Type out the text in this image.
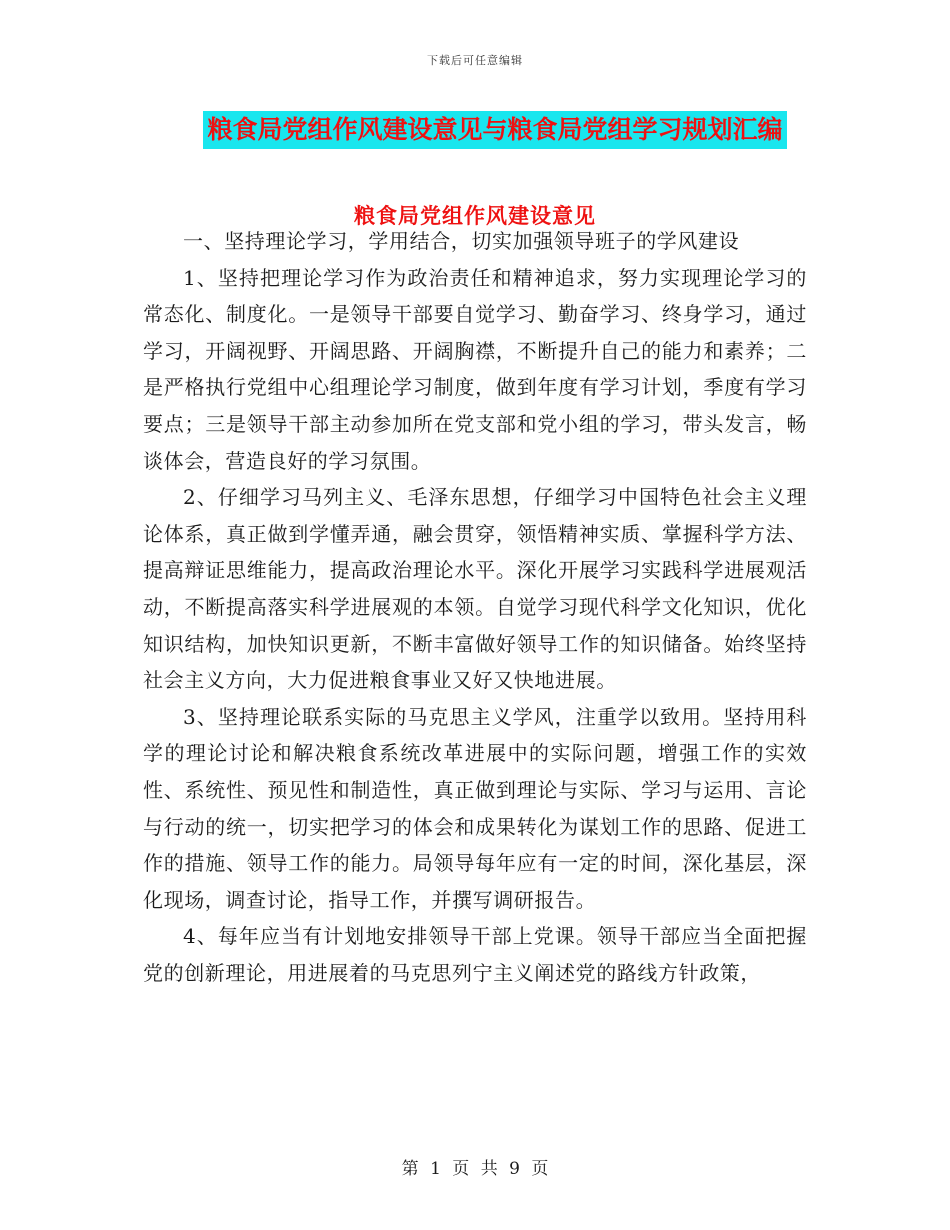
下载后可任意编辑
粮食局党组作风建设意见与粮食局党组学习规划汇编
粮食局党组作风建设意见

一、坚持理论学习，学用结合，切实加强领导班子的学风建设

1、坚持把理论学习作为政治责任和精神追求，努力实现理论学习的常态化、制度化。一是领导干部要自觉学习、勤奋学习、终身学习，通过学习，开阔视野、开阔思路、开阔胸襟，不断提升自己的能力和素养；二是严格执行党组中心组理论学习制度，做到年度有学习计划，季度有学习要点；三是领导干部主动参加所在党支部和党小组的学习，带头发言，畅谈体会，营造良好的学习氛围。

2、仔细学习马列主义、毛泽东思想，仔细学习中国特色社会主义理论体系，真正做到学懂弄通，融会贯穿，领悟精神实质、掌握科学方法、提高辩证思维能力，提高政治理论水平。深化开展学习实践科学进展观活动，不断提高落实科学进展观的本领。自觉学习现代科学文化知识，优化知识结构，加快知识更新，不断丰富做好领导工作的知识储备。始终坚持社会主义方向，大力促进粮食事业又好又快地进展。

3、坚持理论联系实际的马克思主义学风，注重学以致用。坚持用科学的理论讨论和解决粮食系统改革进展中的实际问题，增强工作的实效性、系统性、预见性和制造性，真正做到理论与实际、学习与运用、言论与行动的统一，切实把学习的体会和成果转化为谋划工作的思路、促进工作的措施、领导工作的能力。局领导每年应有一定的时间，深化基层，深化现场，调查讨论，指导工作，并撰写调研报告。

4、每年应当有计划地安排领导干部上党课。领导干部应当全面把握党的创新理论，用进展着的马克思列宁主义阐述党的路线方针政策，

第 1 页 共 9 页
